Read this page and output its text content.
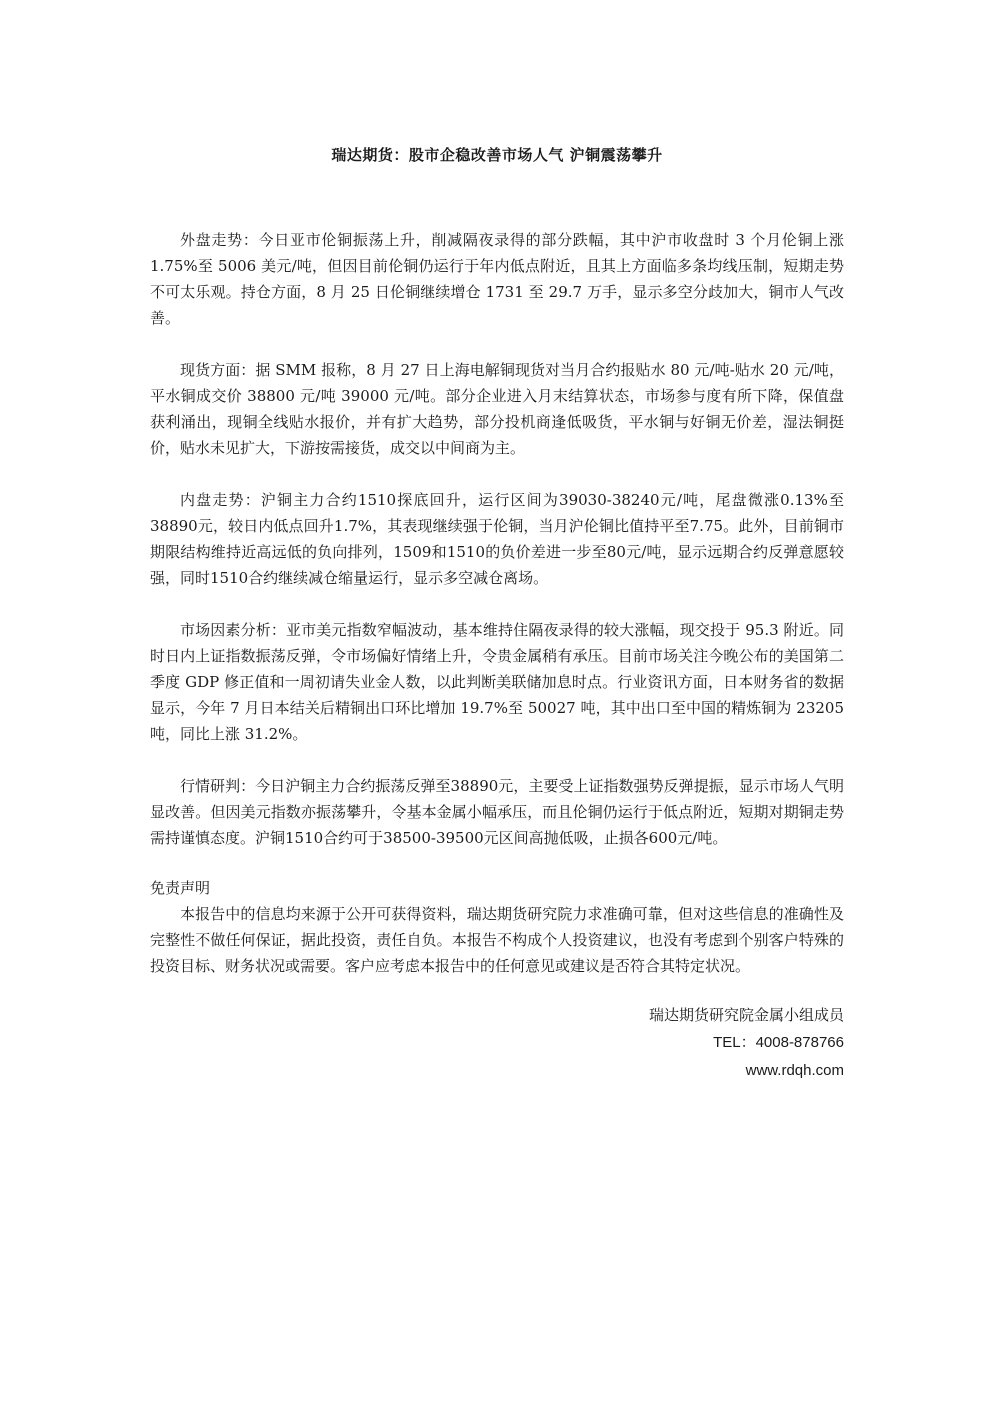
瑞达期货：股市企稳改善市场人气 沪铜震荡攀升

外盘走势：今日亚市伦铜振荡上升，削减隔夜录得的部分跌幅，其中沪市收盘时 3 个月伦铜上涨 1.75%至 5006 美元/吨，但因目前伦铜仍运行于年内低点附近，且其上方面临多条均线压制，短期走势不可太乐观。持仓方面，8 月 25 日伦铜继续增仓 1731 至 29.7 万手，显示多空分歧加大，铜市人气改善。

现货方面：据 SMM 报称，8 月 27 日上海电解铜现货对当月合约报贴水 80 元/吨-贴水 20 元/吨，平水铜成交价 38800 元/吨 39000 元/吨。部分企业进入月末结算状态，市场参与度有所下降，保值盘获利涌出，现铜全线贴水报价，并有扩大趋势，部分投机商逢低吸货，平水铜与好铜无价差，湿法铜挺价，贴水未见扩大，下游按需接货，成交以中间商为主。

内盘走势：沪铜主力合约1510探底回升，运行区间为39030-38240元/吨，尾盘微涨0.13%至38890元，较日内低点回升1.7%，其表现继续强于伦铜，当月沪伦铜比值持平至7.75。此外，目前铜市期限结构维持近高远低的负向排列，1509和1510的负价差进一步至80元/吨，显示远期合约反弹意愿较强，同时1510合约继续减仓缩量运行，显示多空减仓离场。

市场因素分析：亚市美元指数窄幅波动，基本维持住隔夜录得的较大涨幅，现交投于 95.3 附近。同时日内上证指数振荡反弹，令市场偏好情绪上升，令贵金属稍有承压。目前市场关注今晚公布的美国第二季度 GDP 修正值和一周初请失业金人数，以此判断美联储加息时点。行业资讯方面，日本财务省的数据显示，今年 7 月日本结关后精铜出口环比增加 19.7%至 50027 吨，其中出口至中国的精炼铜为 23205 吨，同比上涨 31.2%。

行情研判：今日沪铜主力合约振荡反弹至38890元，主要受上证指数强势反弹提振，显示市场人气明显改善。但因美元指数亦振荡攀升，令基本金属小幅承压，而且伦铜仍运行于低点附近，短期对期铜走势需持谨慎态度。沪铜1510合约可于38500-39500元区间高抛低吸，止损各600元/吨。

免责声明

本报告中的信息均来源于公开可获得资料，瑞达期货研究院力求准确可靠，但对这些信息的准确性及完整性不做任何保证，据此投资，责任自负。本报告不构成个人投资建议，也没有考虑到个别客户特殊的投资目标、财务状况或需要。客户应考虑本报告中的任何意见或建议是否符合其特定状况。

瑞达期货研究院金属小组成员
TEL：4008-878766
www.rdqh.com
